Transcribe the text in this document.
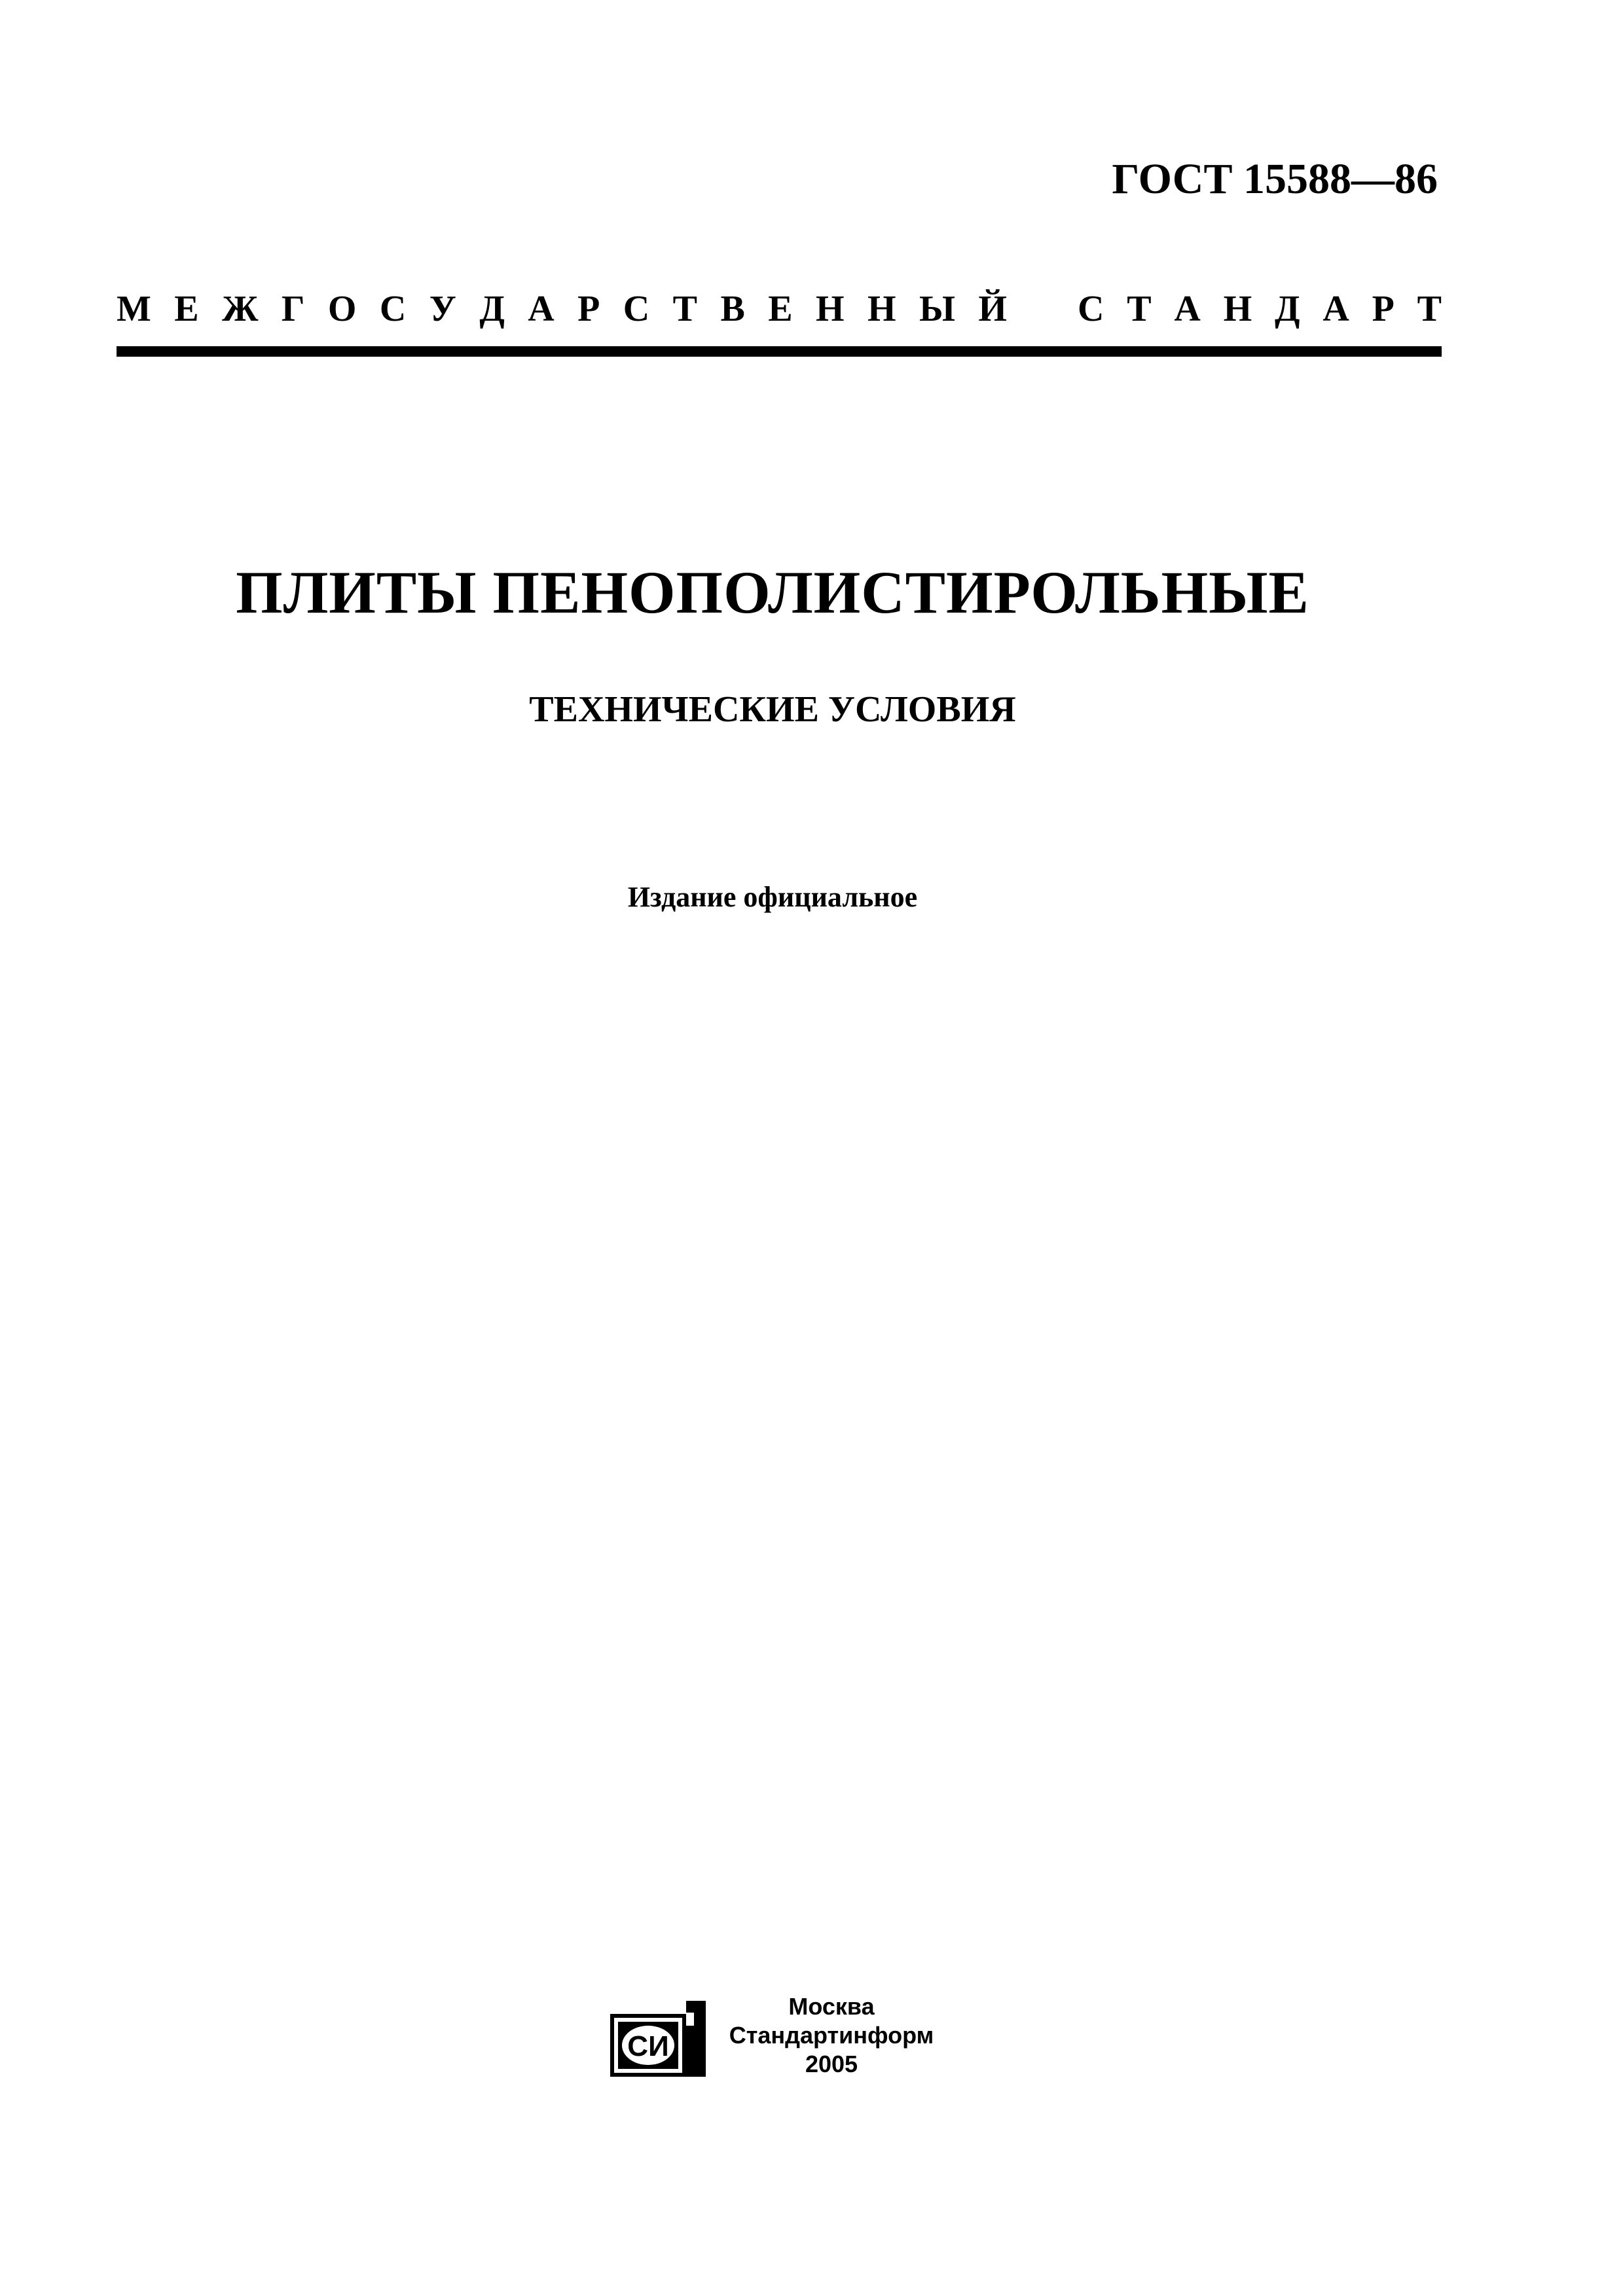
ГОСТ 15588—86
М Е Ж Г О С У Д А Р С Т В Е Н Н Ы Й С Т А Н Д А Р Т
ПЛИТЫ ПЕНОПОЛИСТИРОЛЬНЫЕ
ТЕХНИЧЕСКИЕ УСЛОВИЯ
Издание официальное
СИ
Москва
Стандартинформ
2005
